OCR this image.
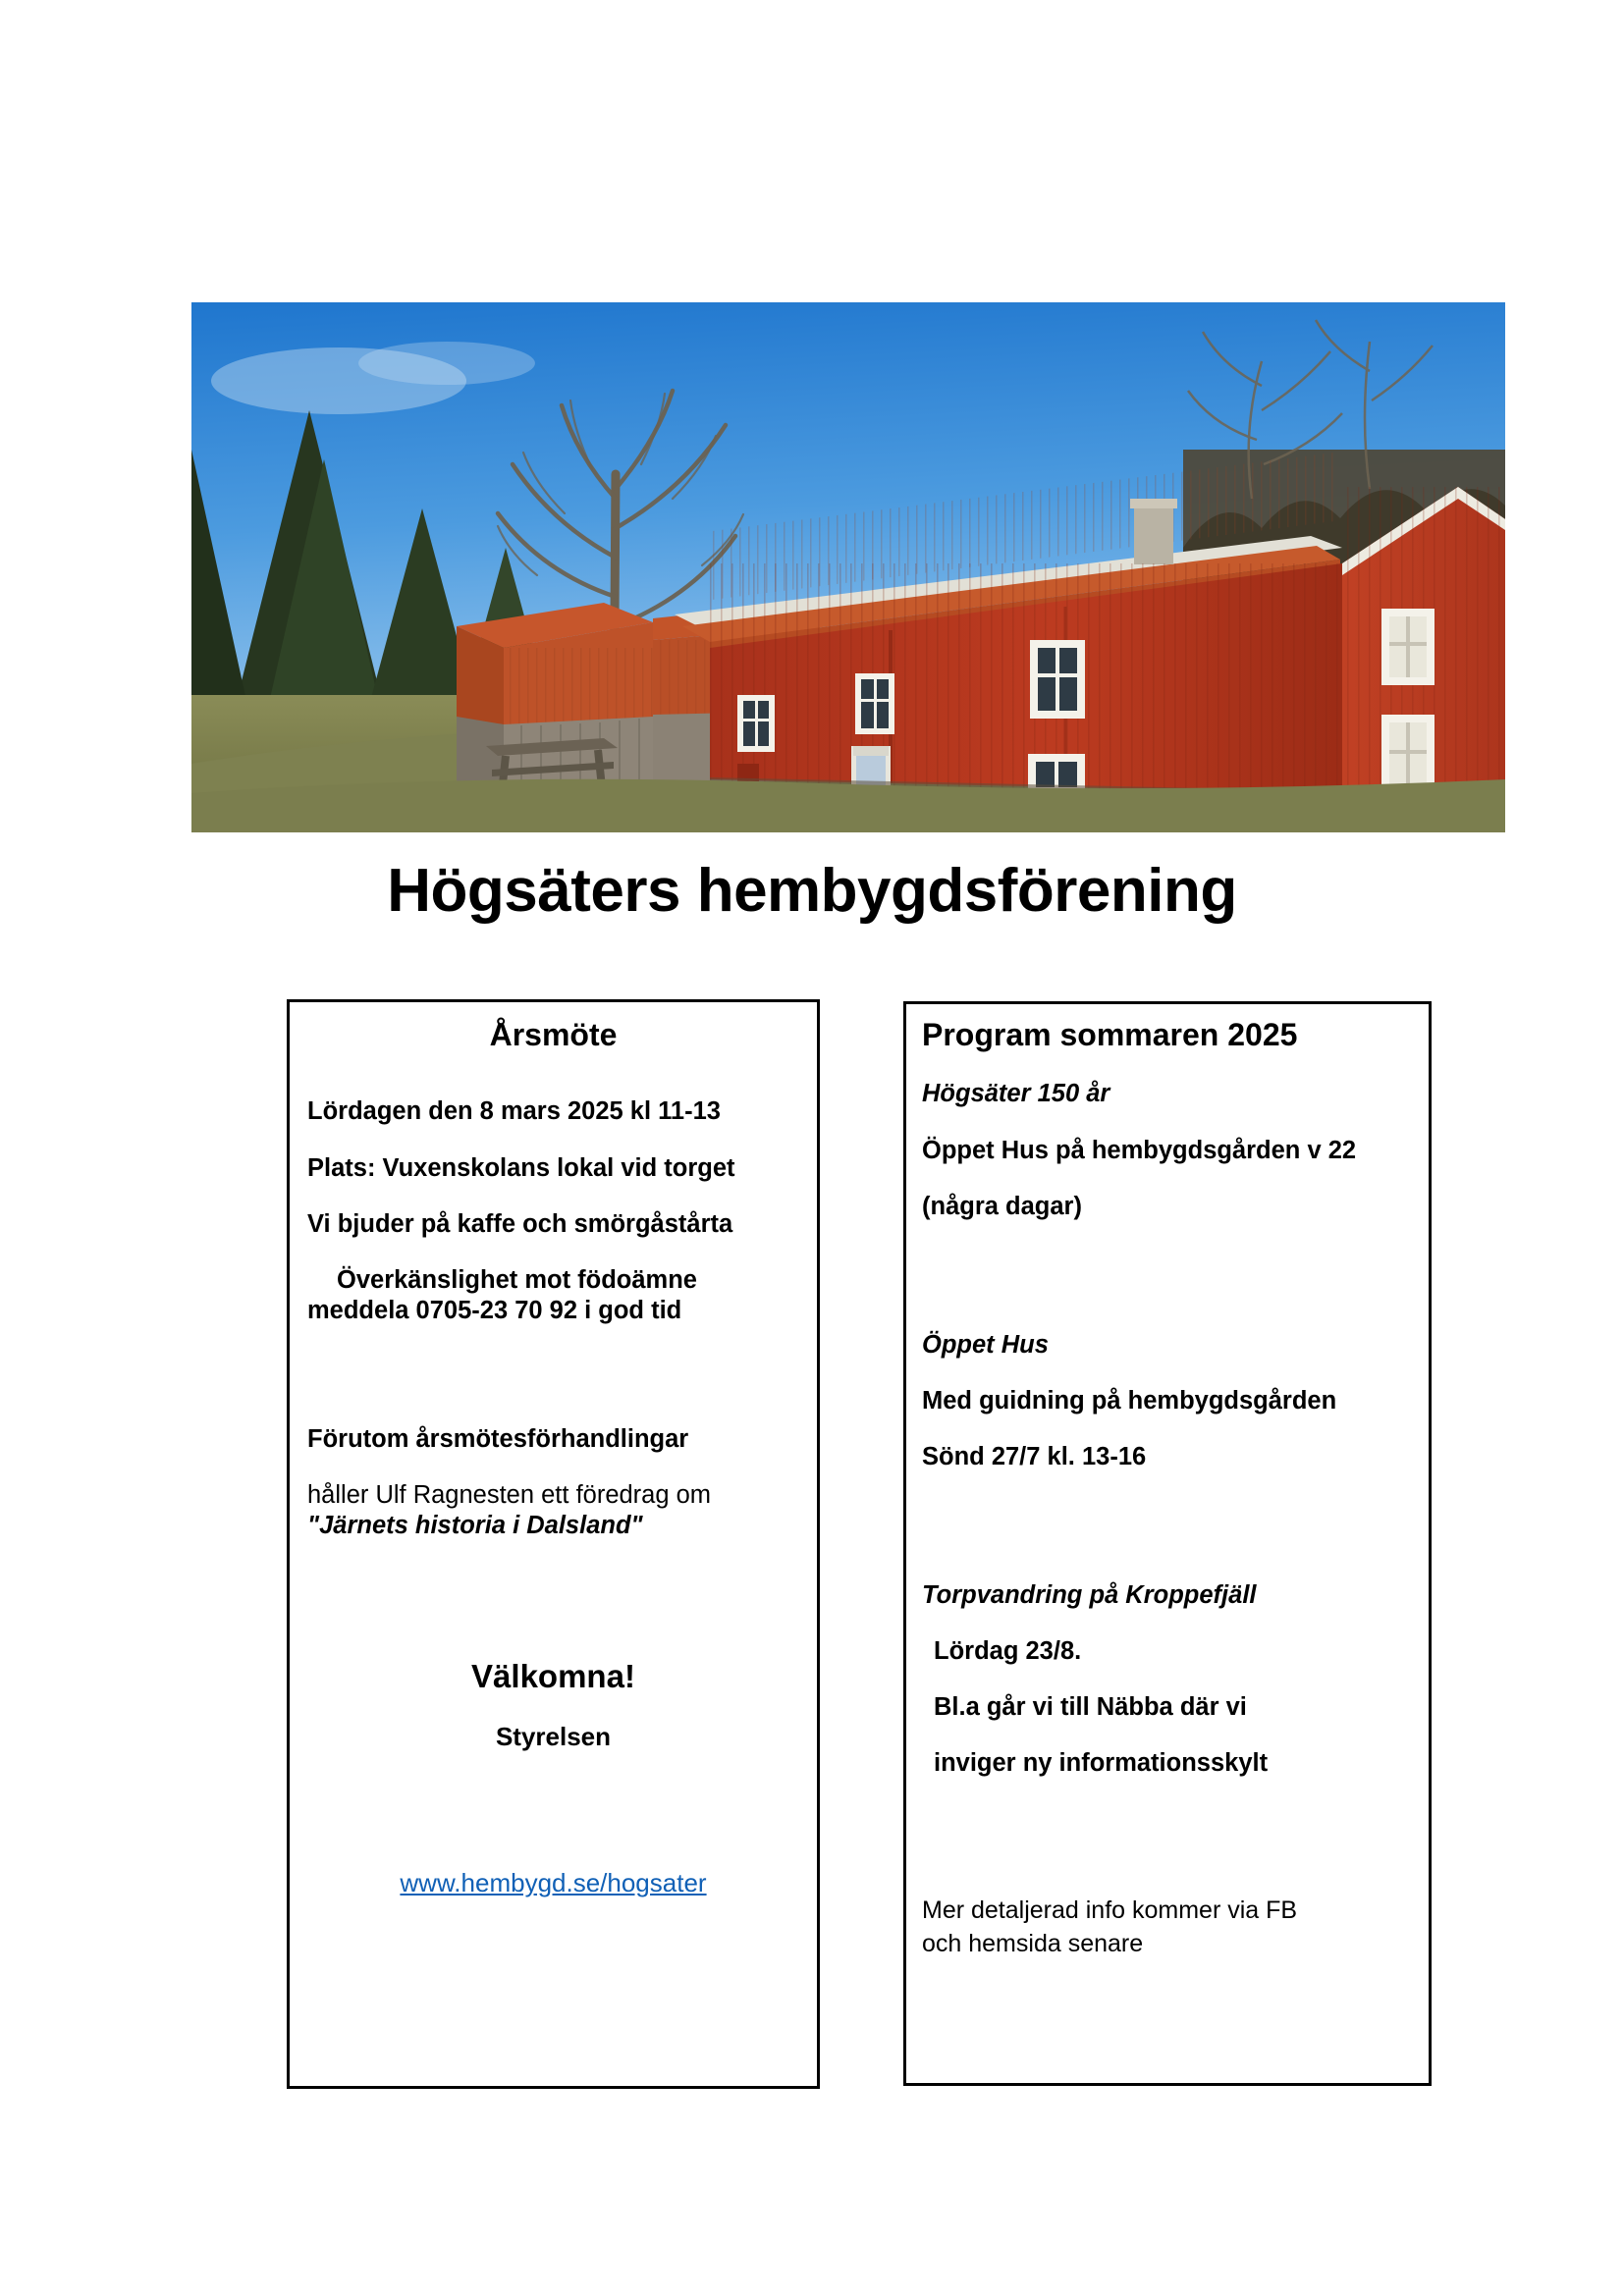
Högsäters hembygdsförening
Årsmöte
Lördagen den 8 mars 2025 kl 11-13
Plats: Vuxenskolans lokal vid torget
Vi bjuder på kaffe och smörgåstårta
Överkänslighet mot födoämne
meddela 0705-23 70 92 i god tid
Förutom årsmötesförhandlingar
håller Ulf Ragnesten ett föredrag om
"Järnets historia i Dalsland"
Välkomna!
Styrelsen
www.hembygd.se/hogsater
Program sommaren 2025
Högsäter 150 år
Öppet Hus på hembygdsgården v 22
(några dagar)
Öppet Hus
Med guidning på hembygdsgården
Sönd 27/7 kl. 13-16
Torpvandring på Kroppefjäll
Lördag 23/8.
Bl.a går vi till Näbba där vi
inviger ny informationsskylt
Mer detaljerad info kommer via FB
och hemsida senare
